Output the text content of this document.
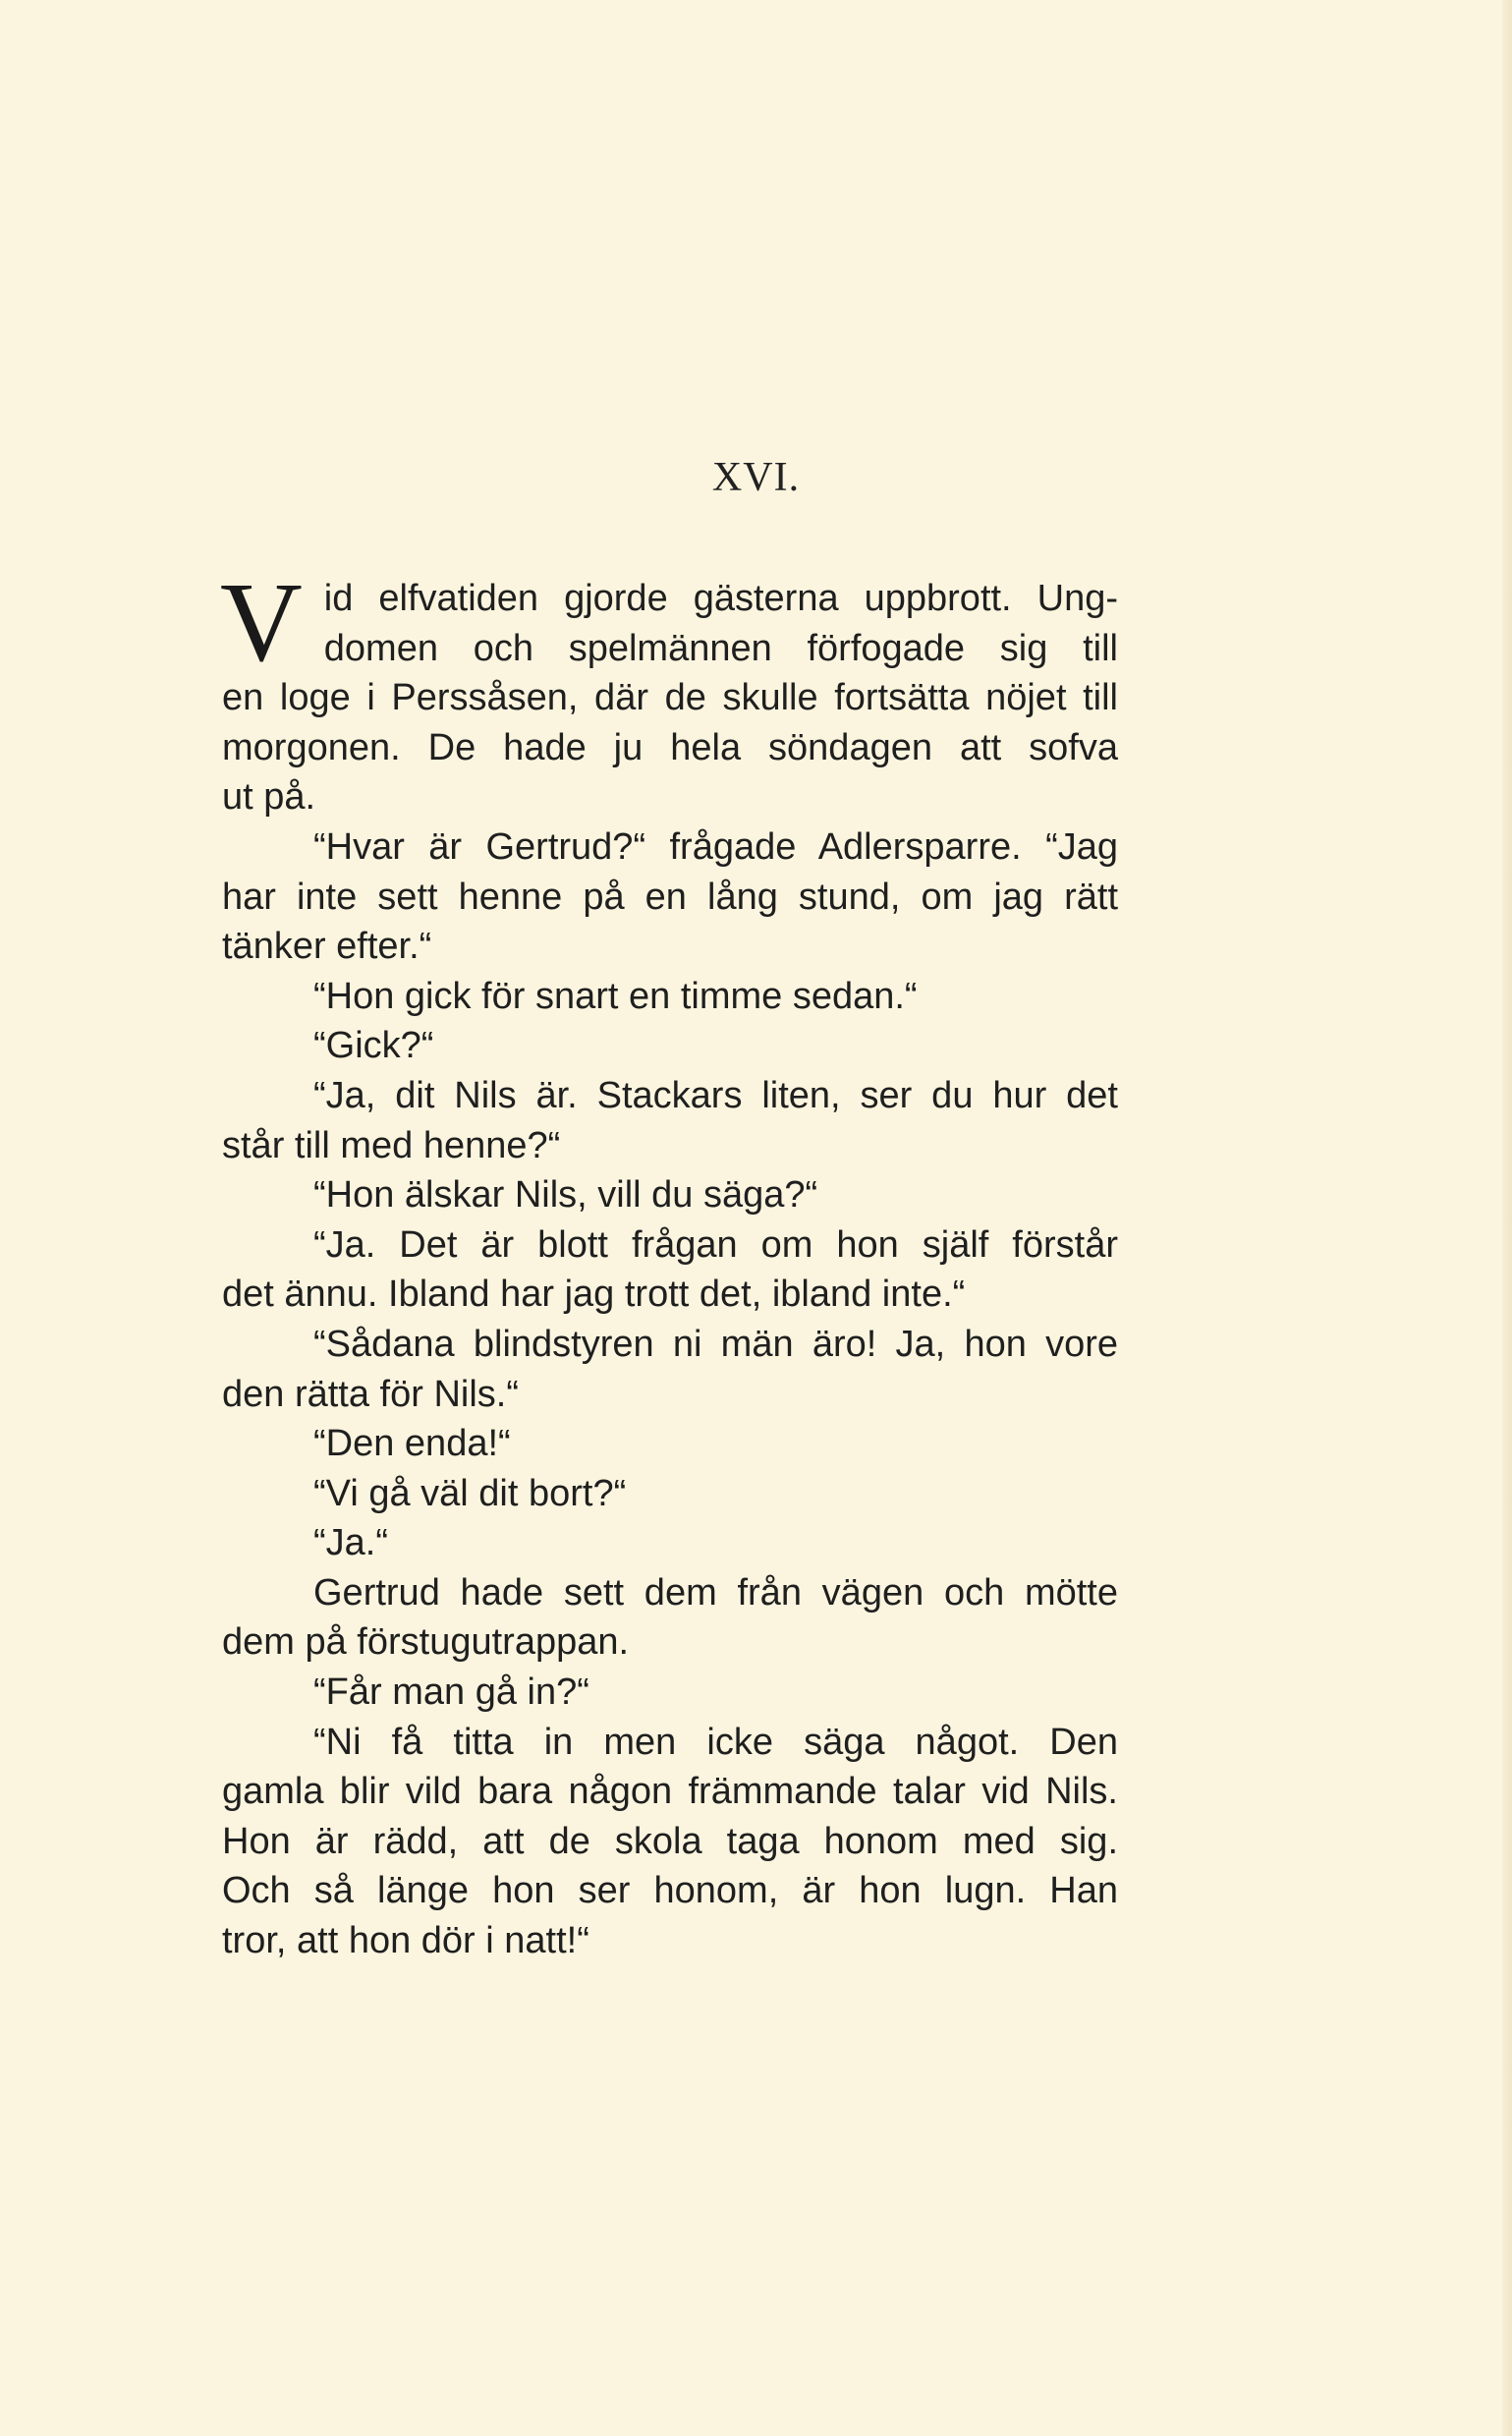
XVI.
V id elfvatiden gjorde gästerna uppbrott. Ung-
domen och spelmännen förfogade sig till
en loge i Perssåsen, där de skulle fortsätta nöjet till
morgonen. De hade ju hela söndagen att sofva
ut på.
“Hvar är Gertrud?“ frågade Adlersparre. “Jag
har inte sett henne på en lång stund, om jag rätt
tänker efter.“
“Hon gick för snart en timme sedan.“
“Gick?“
“Ja, dit Nils är. Stackars liten, ser du hur det
står till med henne?“
“Hon älskar Nils, vill du säga?“
“Ja. Det är blott frågan om hon själf förstår
det ännu. Ibland har jag trott det, ibland inte.“
“Sådana blindstyren ni män äro! Ja, hon vore
den rätta för Nils.“
“Den enda!“
“Vi gå väl dit bort?“
“Ja.“
Gertrud hade sett dem från vägen och mötte
dem på förstugutrappan.
“Får man gå in?“
“Ni få titta in men icke säga något. Den
gamla blir vild bara någon främmande talar vid Nils.
Hon är rädd, att de skola taga honom med sig.
Och så länge hon ser honom, är hon lugn. Han
tror, att hon dör i natt!“
